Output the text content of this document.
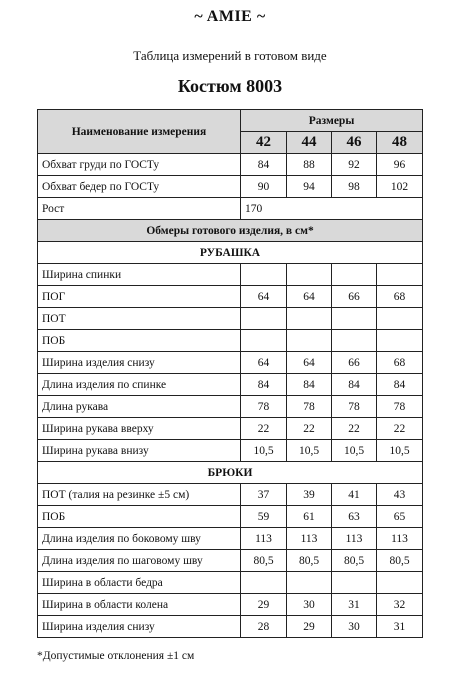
~ AMIE ~
Таблица измерений в готовом виде
Костюм 8003
Наименование измерения	Размеры			
	42	44	46	48
Обхват груди по ГОСТу	84	88	92	96
Обхват бедер по ГОСТу	90	94	98	102
Рост	170			
Обмеры готового изделия, в см*				
РУБАШКА				
Ширина спинки				
ПОГ	64	64	66	68
ПОТ				
ПОБ				
Ширина изделия снизу	64	64	66	68
Длина изделия по спинке	84	84	84	84
Длина рукава	78	78	78	78
Ширина рукава вверху	22	22	22	22
Ширина рукава внизу	10,5	10,5	10,5	10,5
БРЮКИ				
ПОТ (талия на резинке ±5 см)	37	39	41	43
ПОБ	59	61	63	65
Длина изделия по боковому шву	113	113	113	113
Длина изделия по шаговому шву	80,5	80,5	80,5	80,5
Ширина в области бедра				
Ширина в области колена	29	30	31	32
Ширина изделия снизу	28	29	30	31
*Допустимые отклонения ±1 см
